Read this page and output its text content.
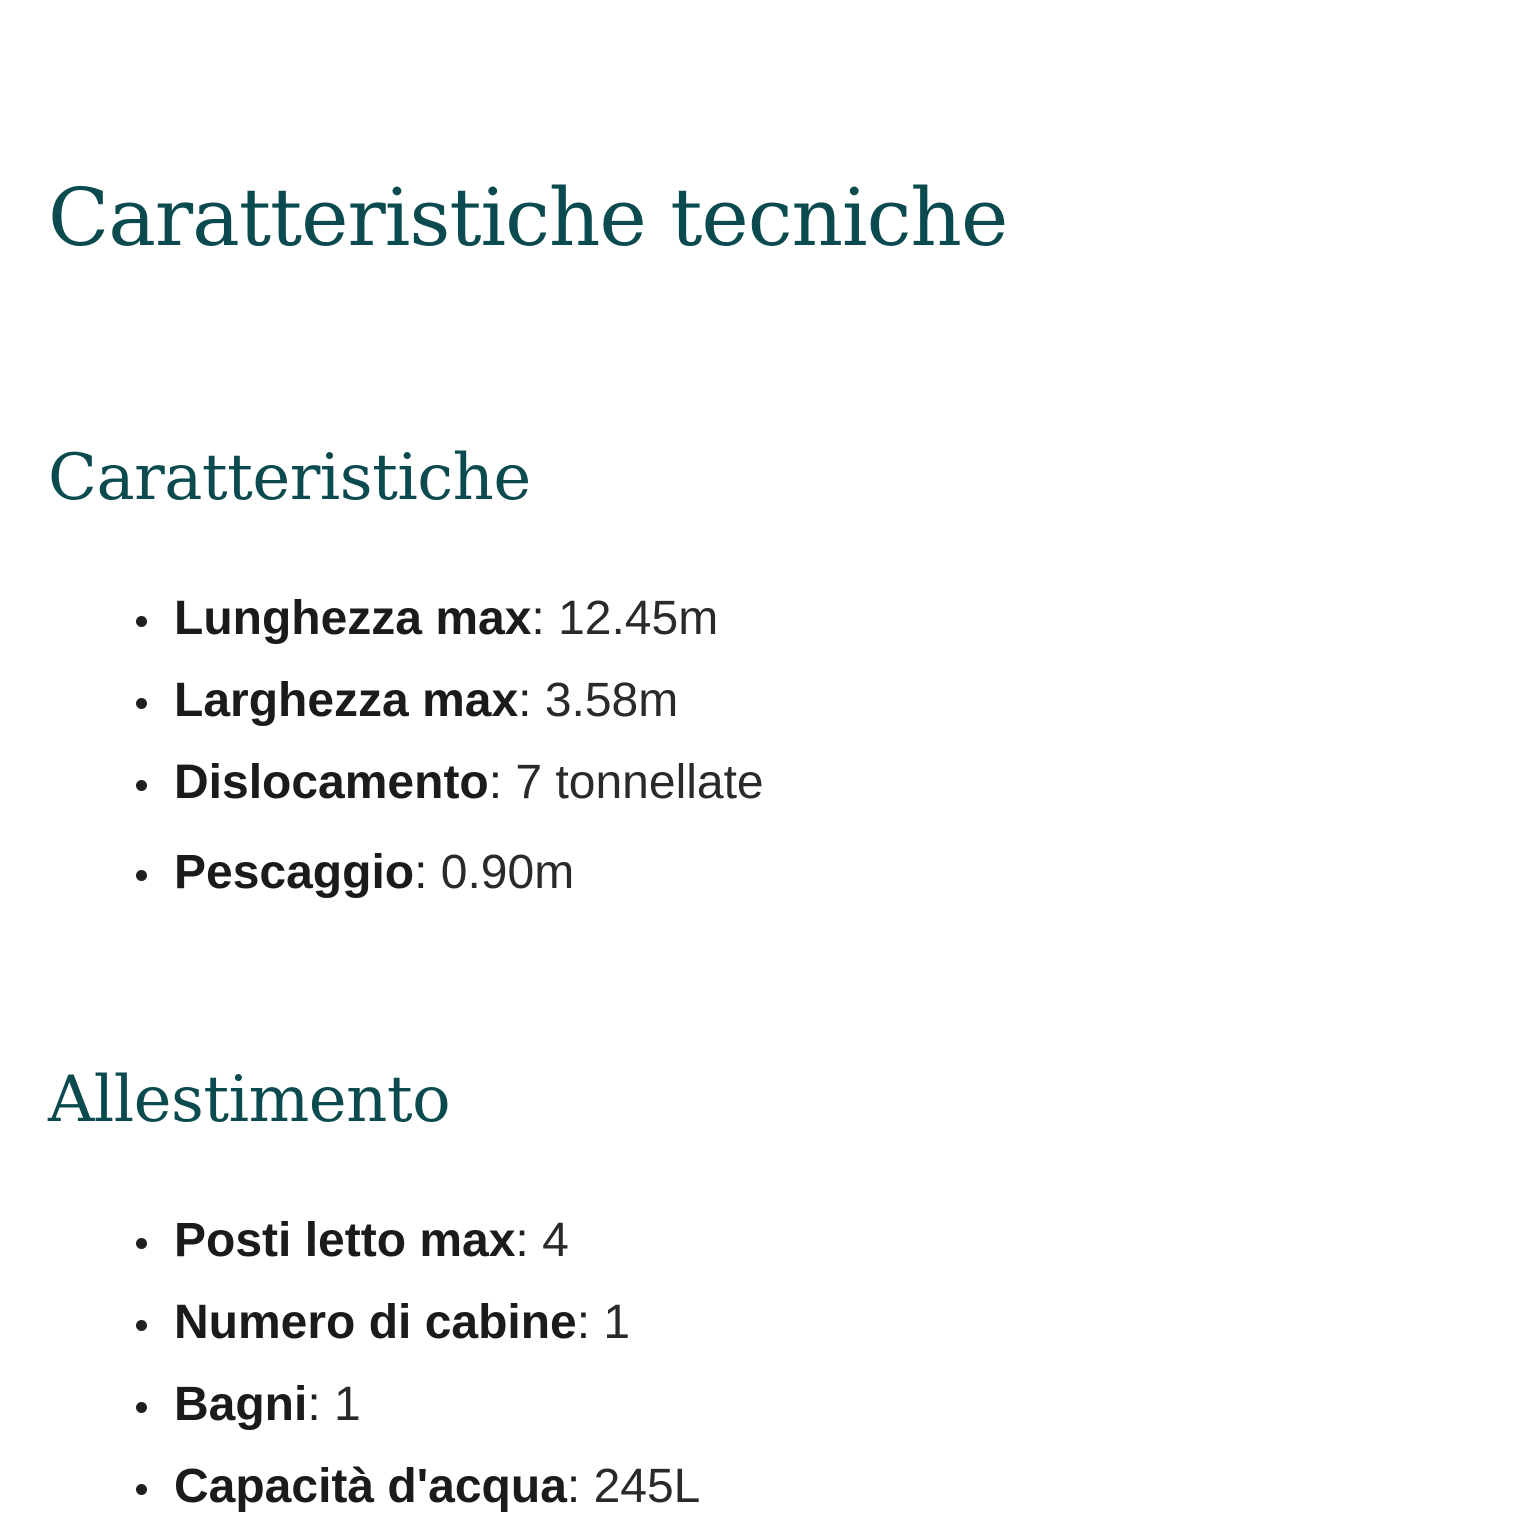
Caratteristiche tecniche
Caratteristiche
Lunghezza max: 12.45m
Larghezza max: 3.58m
Dislocamento: 7 tonnellate
Pescaggio: 0.90m
Allestimento
Posti letto max: 4
Numero di cabine: 1
Bagni: 1
Capacità d'acqua: 245L
